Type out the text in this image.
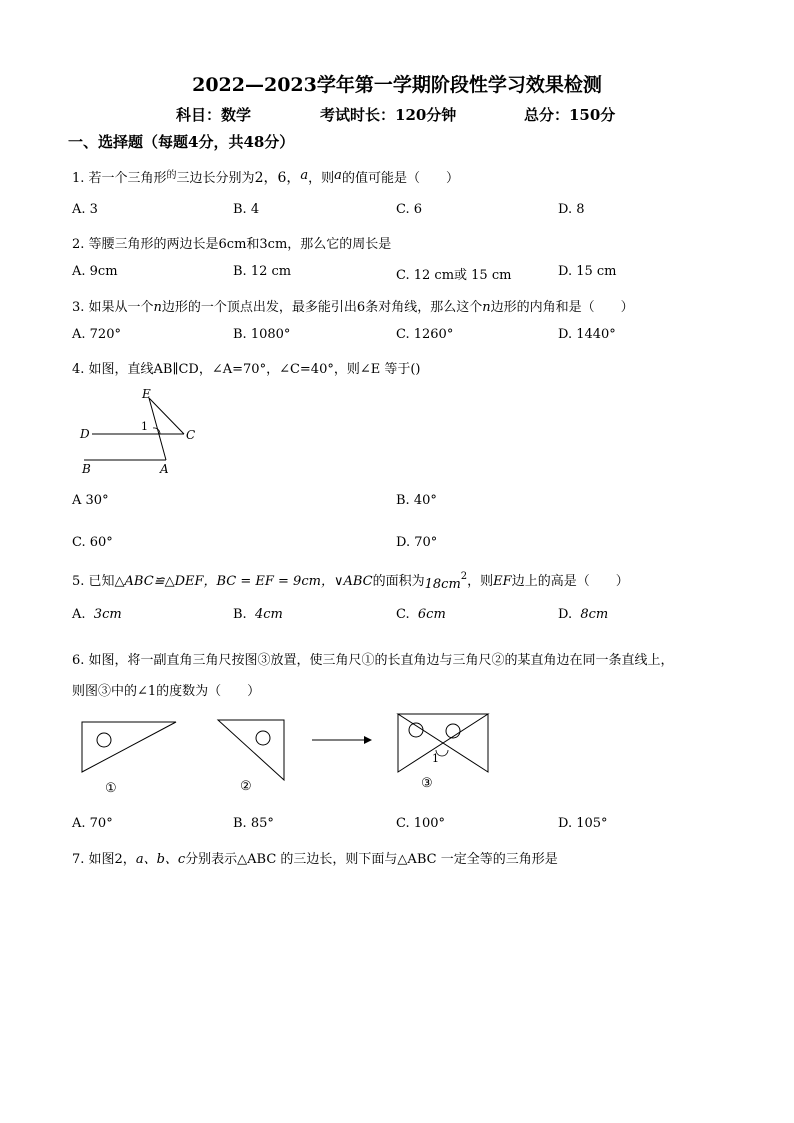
2022—2023学年第一学期阶段性学习效果检测
科目：数学	考试时长：120分钟	总分：150分
一、选择题（每题4分，共48分）
1. 若一个三角形$^的$三边长分别为2，6，a，则a的值可能是（　　）
A. 3	B. 4	C. 6	D. 8
2. 等腰三角形的两边长是6cm和3cm，那么它的周长是
A. 9cm	B. 12 cm	C. 12 cm或 15 cm	D. 15 cm
3. 如果从一个n边形的一个顶点出发，最多能引出6条对角线，那么这个n边形的内角和是（　　）
A. 720°	B. 1080°	C. 1260°	D. 1440°
4. 如图，直线AB∥CD，∠A=70°，∠C=40°，则∠E 等于()
E
D	C
B	A
1
A 30°	B. 40°
C. 60°	D. 70°
5. 已知△ABC≌△DEF，BC = EF = 9cm，∨ABC的面积为$18cm^2$，则EF边上的高是（　　）
A. 3cm	B. 4cm	C. 6cm	D. 8cm
6. 如图，将一副直角三角尺按图③放置，使三角尺①的长直角边与三角尺②的某直角边在同一条直线上，
则图③中的∠1的度数为（　　）
①	②
1
③
A. 70°	B. 85°	C. 100°	D. 105°
7. 如图2，a、b、c分别表示△ABC 的三边长，则下面与△ABC 一定全等的三角形是
